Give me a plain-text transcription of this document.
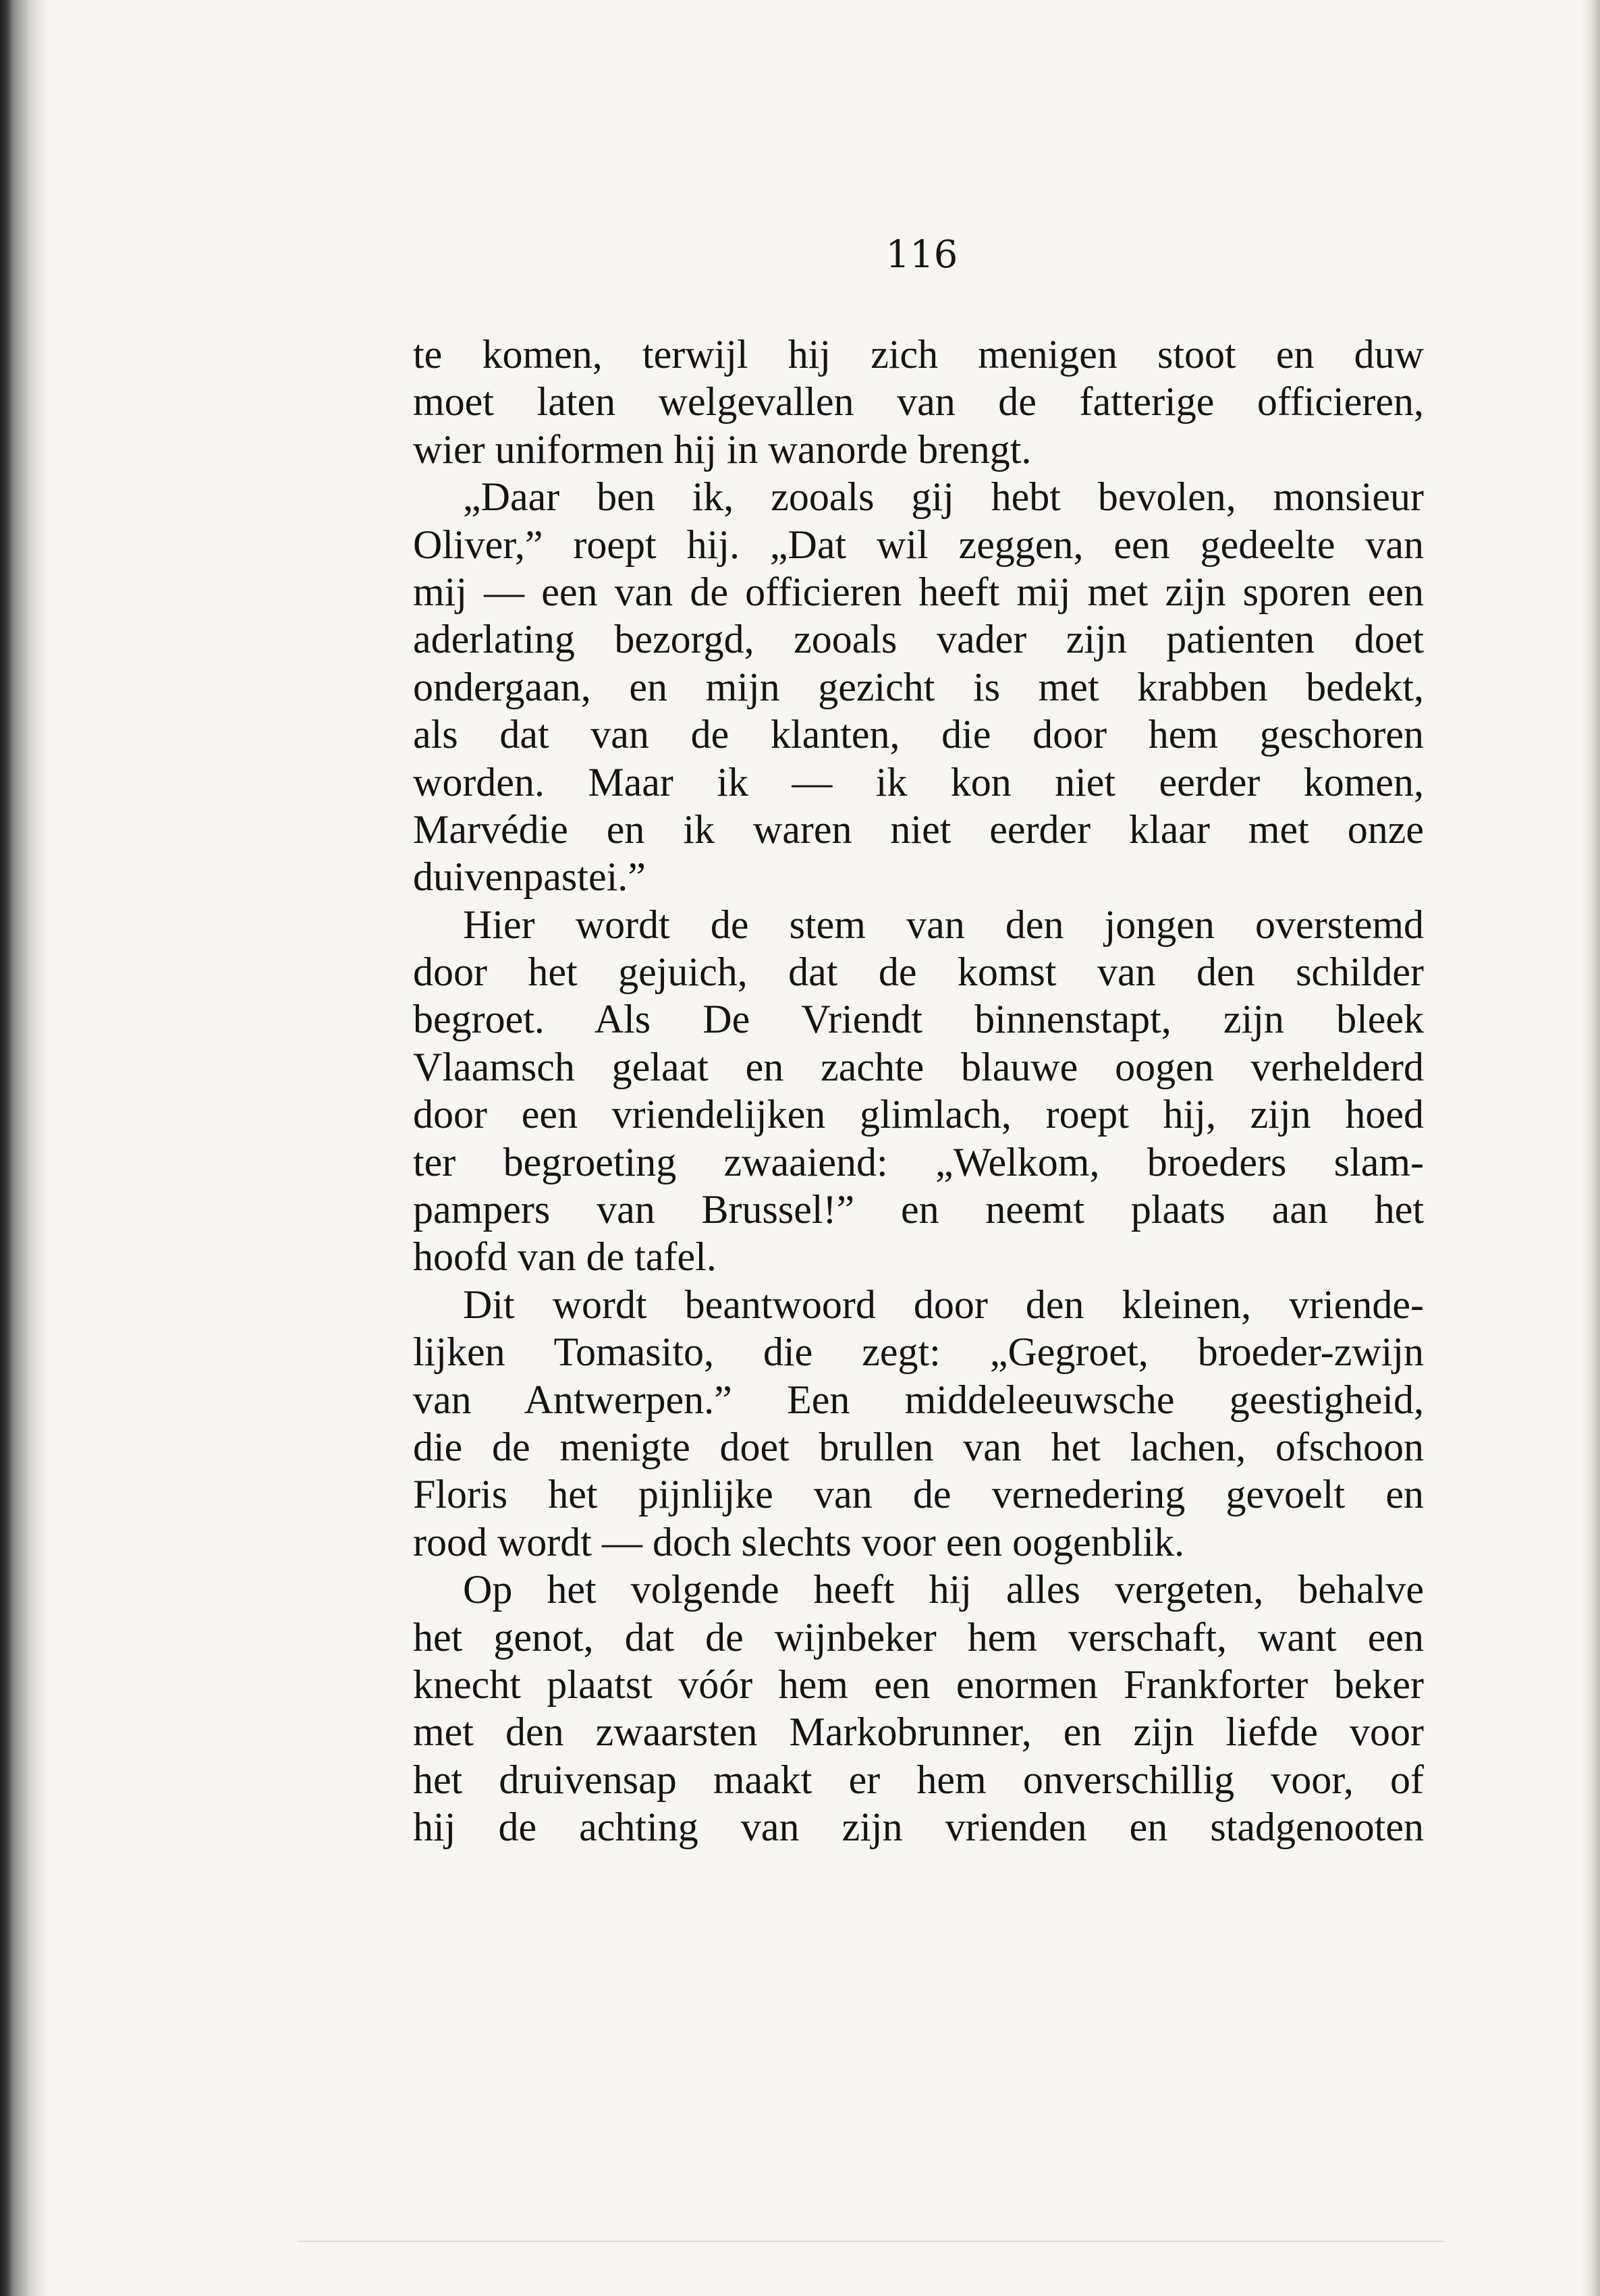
116
te komen, terwijl hij zich menigen stoot en duw
moet laten welgevallen van de fatterige officieren,
wier uniformen hij in wanorde brengt.
„Daar ben ik, zooals gij hebt bevolen, monsieur
Oliver,” roept hij. „Dat wil zeggen, een gedeelte van
mij — een van de officieren heeft mij met zijn sporen een
aderlating bezorgd, zooals vader zijn patienten doet
ondergaan, en mijn gezicht is met krabben bedekt,
als dat van de klanten, die door hem geschoren
worden. Maar ik — ik kon niet eerder komen,
Marvédie en ik waren niet eerder klaar met onze
duivenpastei.”
Hier wordt de stem van den jongen overstemd
door het gejuich, dat de komst van den schilder
begroet. Als De Vriendt binnenstapt, zijn bleek
Vlaamsch gelaat en zachte blauwe oogen verhelderd
door een vriendelijken glimlach, roept hij, zijn hoed
ter begroeting zwaaiend: „Welkom, broeders slam-
pampers van Brussel!” en neemt plaats aan het
hoofd van de tafel.
Dit wordt beantwoord door den kleinen, vriende-
lijken Tomasito, die zegt: „Gegroet, broeder-zwijn
van Antwerpen.” Een middeleeuwsche geestigheid,
die de menigte doet brullen van het lachen, ofschoon
Floris het pijnlijke van de vernedering gevoelt en
rood wordt — doch slechts voor een oogenblik.
Op het volgende heeft hij alles vergeten, behalve
het genot, dat de wijnbeker hem verschaft, want een
knecht plaatst vóór hem een enormen Frankforter beker
met den zwaarsten Markobrunner, en zijn liefde voor
het druivensap maakt er hem onverschillig voor, of
hij de achting van zijn vrienden en stadgenooten
